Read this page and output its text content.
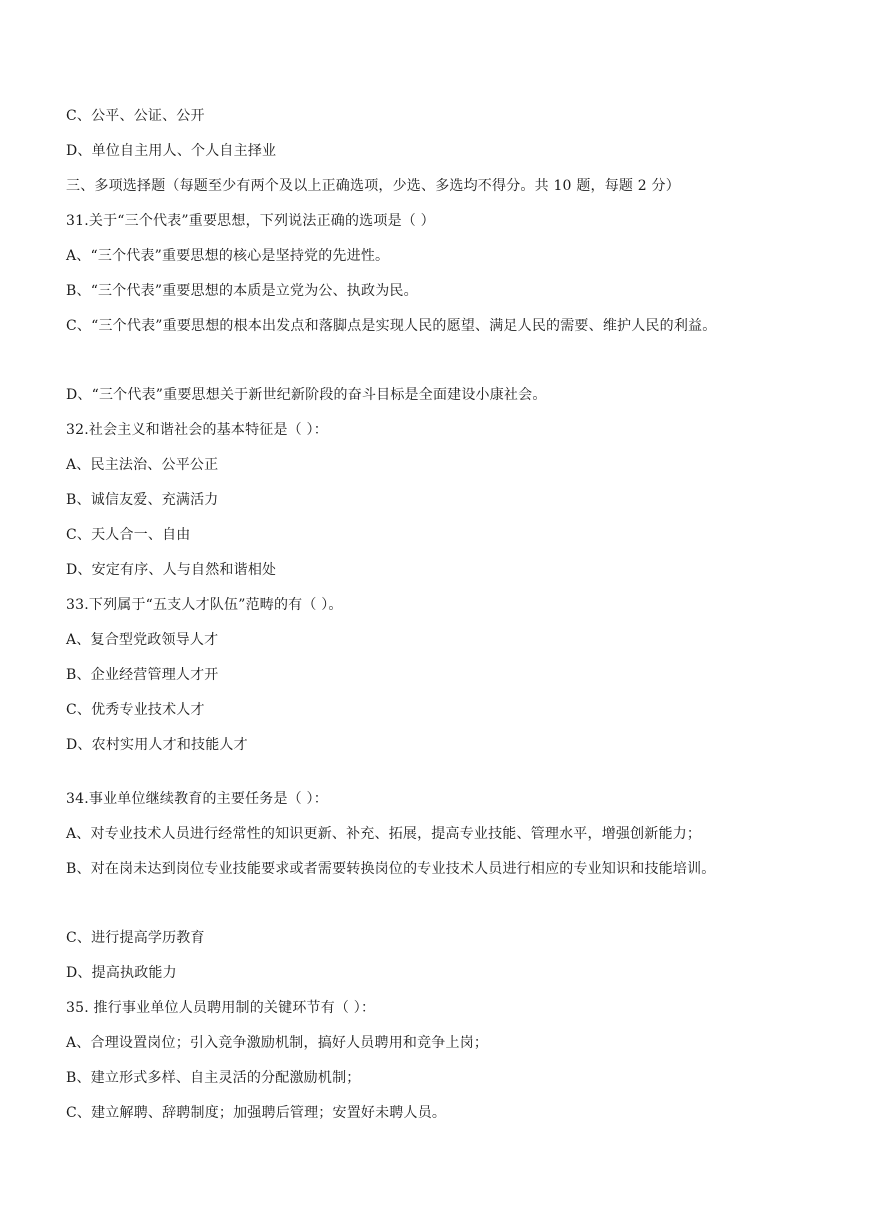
C、公平、公证、公开
D、单位自主用人、个人自主择业
三、多项选择题（每题至少有两个及以上正确选项，少选、多选均不得分。共 10 题，每题 2 分）
31.关于“三个代表”重要思想，下列说法正确的选项是（ ）
A、“三个代表”重要思想的核心是坚持党的先进性。
B、“三个代表”重要思想的本质是立党为公、执政为民。
C、“三个代表”重要思想的根本出发点和落脚点是实现人民的愿望、满足人民的需要、维护人民的利益。
D、“三个代表”重要思想关于新世纪新阶段的奋斗目标是全面建设小康社会。
32.社会主义和谐社会的基本特征是（ ）：
A、民主法治、公平公正
B、诚信友爱、充满活力
C、天人合一、自由
D、安定有序、人与自然和谐相处
33.下列属于“五支人才队伍”范畴的有（ ）。
A、复合型党政领导人才
B、企业经营管理人才开
C、优秀专业技术人才
D、农村实用人才和技能人才
34.事业单位继续教育的主要任务是（ ）：
A、对专业技术人员进行经常性的知识更新、补充、拓展，提高专业技能、管理水平，增强创新能力；
B、对在岗未达到岗位专业技能要求或者需要转换岗位的专业技术人员进行相应的专业知识和技能培训。
C、进行提高学历教育
D、提高执政能力
35. 推行事业单位人员聘用制的关键环节有（ ）：
A、合理设置岗位；引入竞争激励机制，搞好人员聘用和竞争上岗；
B、建立形式多样、自主灵活的分配激励机制；
C、建立解聘、辞聘制度；加强聘后管理；安置好未聘人员。
